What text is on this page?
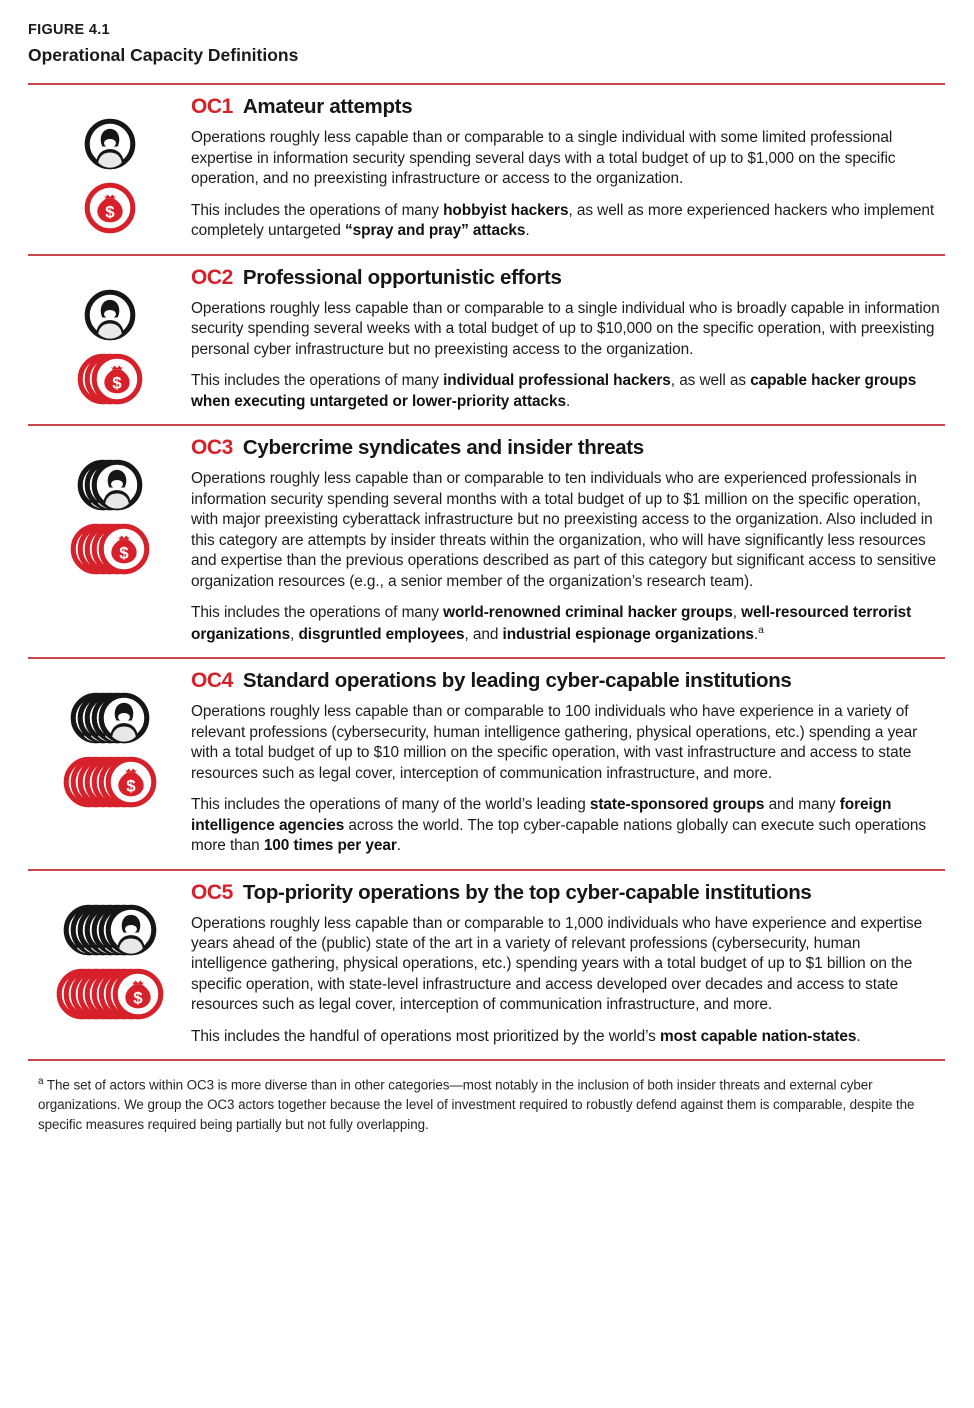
FIGURE 4.1
Operational Capacity Definitions
$
OC1 Amateur attempts

Operations roughly less capable than or comparable to a single individual with some limited professional expertise in information security spending several days with a total budget of up to $1,000 on the specific operation, and no preexisting infrastructure or access to the organization.

This includes the operations of many hobbyist hackers, as well as more experienced hackers who implement completely untargeted “spray and pray” attacks.

$
OC2 Professional opportunistic efforts

Operations roughly less capable than or comparable to a single individual who is broadly capable in information security spending several weeks with a total budget of up to $10,000 on the specific operation, with preexisting personal cyber infrastructure but no preexisting access to the organization.

This includes the operations of many individual professional hackers, as well as capable hacker groups when executing untargeted or lower-priority attacks.

$
OC3 Cybercrime syndicates and insider threats

Operations roughly less capable than or comparable to ten individuals who are experienced professionals in information security spending several months with a total budget of up to $1 million on the specific operation, with major preexisting cyberattack infrastructure but no preexisting access to the organization. Also included in this category are attempts by insider threats within the organization, who will have significantly less resources and expertise than the previous operations described as part of this category but significant access to sensitive organization resources (e.g., a senior member of the organization’s research team).

This includes the operations of many world-renowned criminal hacker groups, well-resourced terrorist organizations, disgruntled employees, and industrial espionage organizations.$^a$

$
OC4 Standard operations by leading cyber-capable institutions

Operations roughly less capable than or comparable to 100 individuals who have experience in a variety of relevant professions (cybersecurity, human intelligence gathering, physical operations, etc.) spending a year with a total budget of up to $10 million on the specific operation, with vast infrastructure and access to state resources such as legal cover, interception of communication infrastructure, and more.

This includes the operations of many of the world’s leading state-sponsored groups and many foreign intelligence agencies across the world. The top cyber-capable nations globally can execute such operations more than 100 times per year.

$
OC5 Top-priority operations by the top cyber-capable institutions

Operations roughly less capable than or comparable to 1,000 individuals who have experience and expertise years ahead of the (public) state of the art in a variety of relevant professions (cybersecurity, human intelligence gathering, physical operations, etc.) spending years with a total budget of up to $1 billion on the specific operation, with state-level infrastructure and access developed over decades and access to state resources such as legal cover, interception of communication infrastructure, and more.

This includes the handful of operations most prioritized by the world’s most capable nation-states.

$^a$ The set of actors within OC3 is more diverse than in other categories—most notably in the inclusion of both insider threats and external cyber organizations. We group the OC3 actors together because the level of investment required to robustly defend against them is comparable, despite the specific measures required being partially but not fully overlapping.
